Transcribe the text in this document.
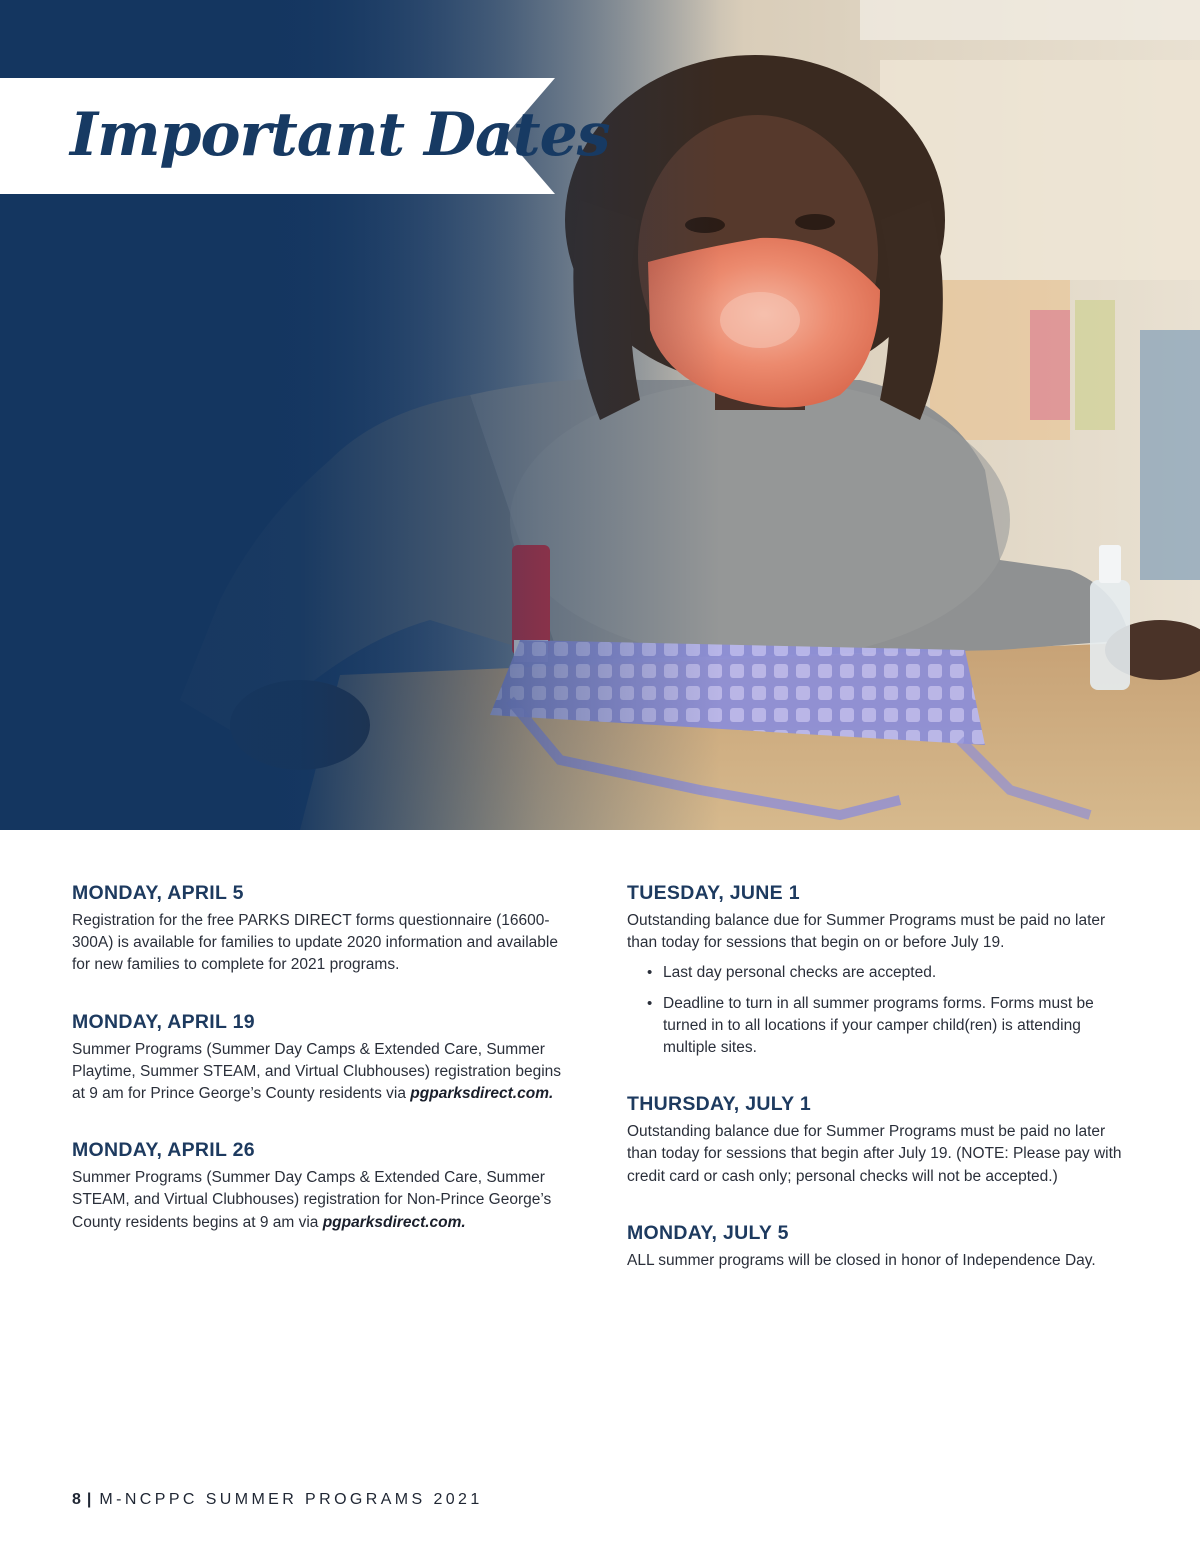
Important Dates
MONDAY, APRIL 5
Registration for the free PARKS DIRECT forms questionnaire (16600-300A) is available for families to update 2020 information and available for new families to complete for 2021 programs.
MONDAY, APRIL 19
Summer Programs (Summer Day Camps & Extended Care, Summer Playtime, Summer STEAM, and Virtual Clubhouses) registration begins at 9 am for Prince George’s County residents via pgparksdirect.com.
MONDAY, APRIL 26
Summer Programs (Summer Day Camps & Extended Care, Summer STEAM, and Virtual Clubhouses) registration for Non-Prince George’s County residents begins at 9 am via pgparksdirect.com.
TUESDAY, JUNE 1
Outstanding balance due for Summer Programs must be paid no later than today for sessions that begin on or before July 19.
• Last day personal checks are accepted.
• Deadline to turn in all summer programs forms. Forms must be turned in to all locations if your camper child(ren) is attending multiple sites.
THURSDAY, JULY 1
Outstanding balance due for Summer Programs must be paid no later than today for sessions that begin after July 19. (NOTE: Please pay with credit card or cash only; personal checks will not be accepted.)
MONDAY, JULY 5
ALL summer programs will be closed in honor of Independence Day.
8 | M-NCPPC SUMMER PROGRAMS 2021
